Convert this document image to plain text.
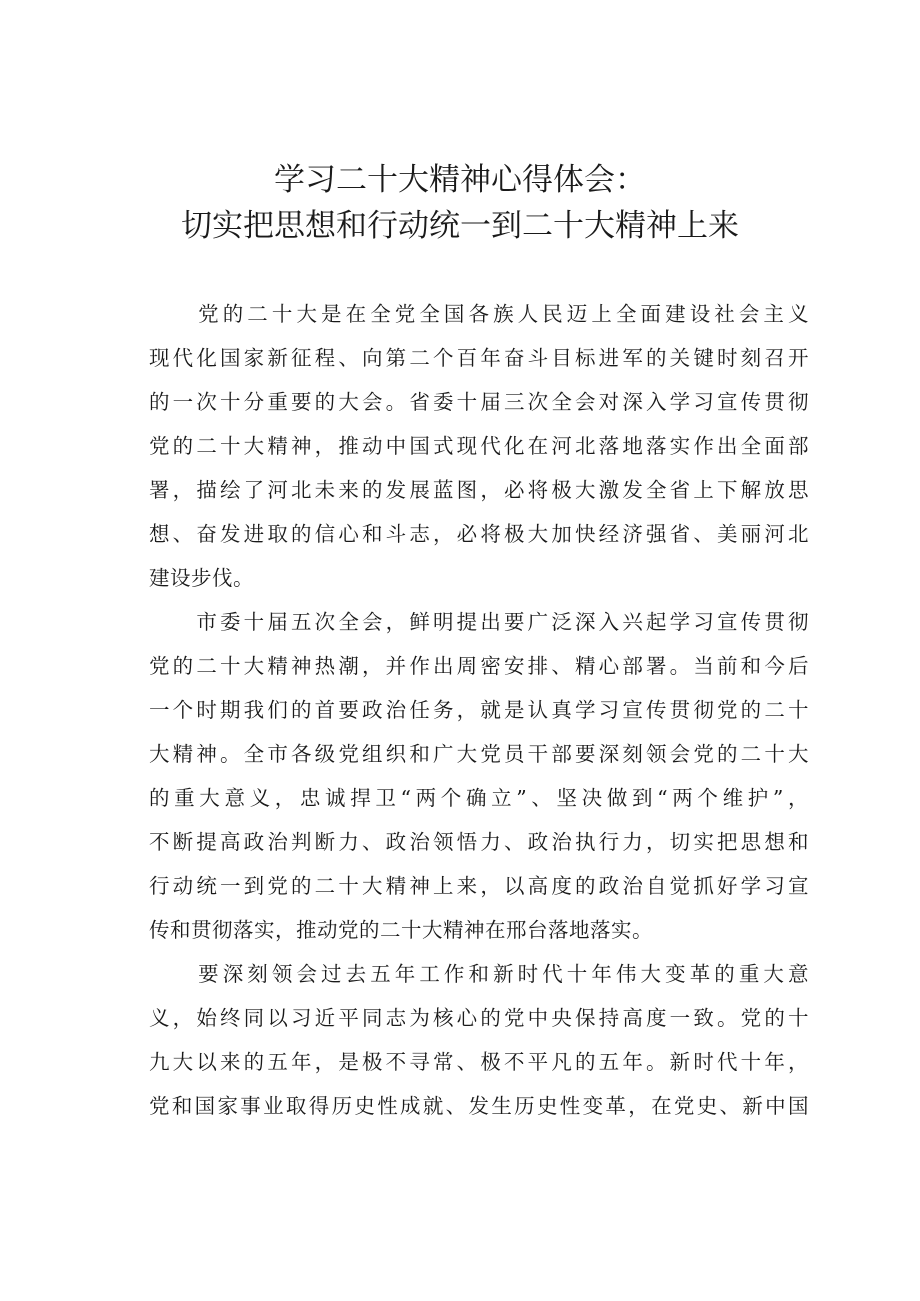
学习二十大精神心得体会：
切实把思想和行动统一到二十大精神上来
　　党的二十大是在全党全国各族人民迈上全面建设社会主义
现代化国家新征程、向第二个百年奋斗目标进军的关键时刻召开
的一次十分重要的大会。省委十届三次全会对深入学习宣传贯彻
党的二十大精神，推动中国式现代化在河北落地落实作出全面部
署，描绘了河北未来的发展蓝图，必将极大激发全省上下解放思
想、奋发进取的信心和斗志，必将极大加快经济强省、美丽河北
建设步伐。
　　市委十届五次全会，鲜明提出要广泛深入兴起学习宣传贯彻
党的二十大精神热潮，并作出周密安排、精心部署。当前和今后
一个时期我们的首要政治任务，就是认真学习宣传贯彻党的二十
大精神。全市各级党组织和广大党员干部要深刻领会党的二十大
的重大意义，忠诚捍卫“两个确立”、坚决做到“两个维护”，
不断提高政治判断力、政治领悟力、政治执行力，切实把思想和
行动统一到党的二十大精神上来，以高度的政治自觉抓好学习宣
传和贯彻落实，推动党的二十大精神在邢台落地落实。
　　要深刻领会过去五年工作和新时代十年伟大变革的重大意
义，始终同以习近平同志为核心的党中央保持高度一致。党的十
九大以来的五年，是极不寻常、极不平凡的五年。新时代十年，
党和国家事业取得历史性成就、发生历史性变革，在党史、新中国
